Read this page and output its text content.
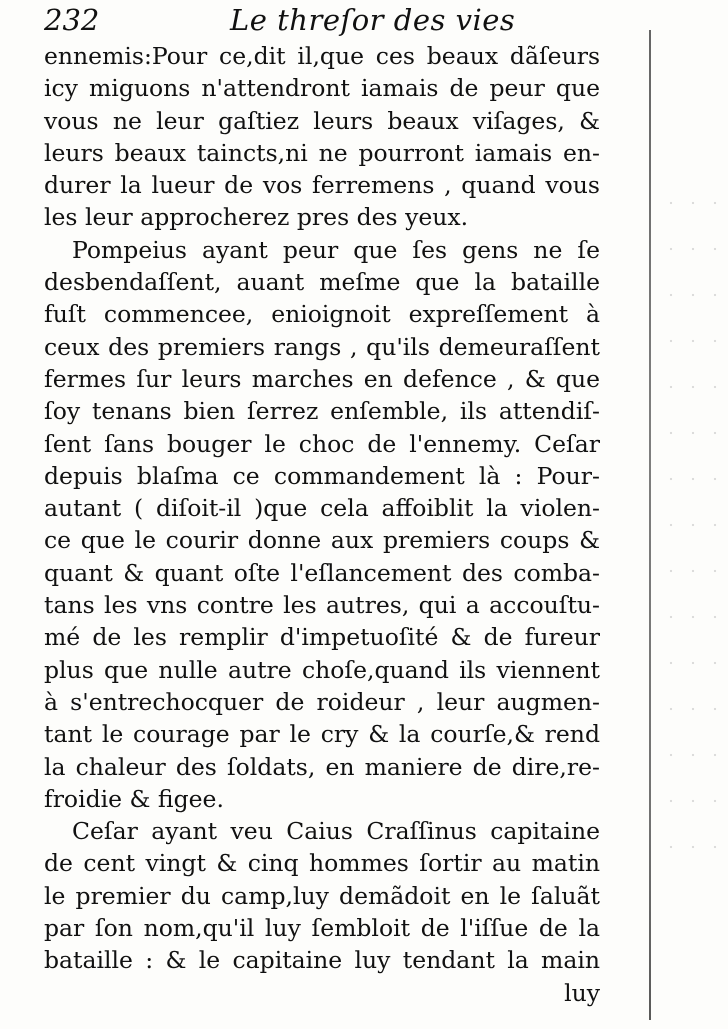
232	Le threſor des vies
ennemis:Pour ce,dit il,que ces beaux dãſeurs
icy miguons n'attendront iamais de peur que
vous ne leur gaſtiez leurs beaux viſages, &
leurs beaux taincts,ni ne pourront iamais en-
durer la lueur de vos ferremens , quand vous
les leur approcherez pres des yeux.
Pompeius ayant peur que ſes gens ne ſe
desbendaſſent, auant meſme que la bataille
fuſt commencee, enioignoit expreſſement à
ceux des premiers rangs , qu'ils demeuraſſent
fermes ſur leurs marches en defence , & que
ſoy tenans bien ſerrez enſemble, ils attendiſ-
ſent ſans bouger le choc de l'ennemy. Ceſar
depuis blaſma ce commandement là : Pour-
autant ( diſoit-il )que cela affoiblit la violen-
ce que le courir donne aux premiers coups &
quant & quant oſte l'eſlancement des comba-
tans les vns contre les autres, qui a accouſtu-
mé de les remplir d'impetuoſité & de fureur
plus que nulle autre choſe,quand ils viennent
à s'entrechocquer de roideur , leur augmen-
tant le courage par le cry & la courſe,& rend
la chaleur des ſoldats, en maniere de dire,re-
froidie & figee.
Ceſar ayant veu Caius Craſſinus capitaine
de cent vingt & cinq hommes ſortir au matin
le premier du camp,luy demãdoit en le ſaluãt
par ſon nom,qu'il luy ſembloit de l'iſſue de la
bataille : & le capitaine luy tendant la main
luy
